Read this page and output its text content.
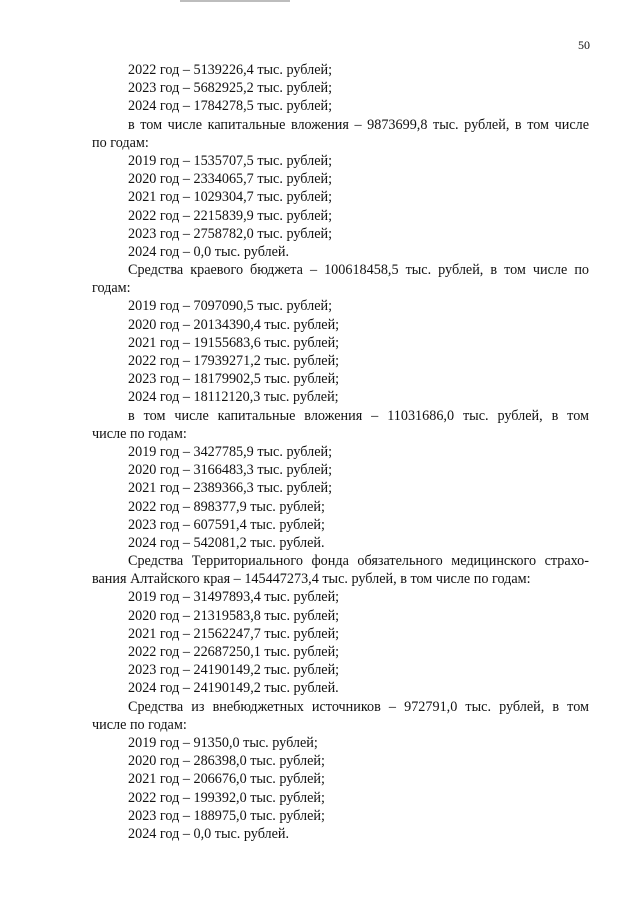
50
2022 год – 5139226,4 тыс. рублей;
2023 год – 5682925,2 тыс. рублей;
2024 год – 1784278,5 тыс. рублей;
в том числе капитальные вложения – 9873699,8 тыс. рублей, в том числе
по годам:
2019 год – 1535707,5 тыс. рублей;
2020 год – 2334065,7 тыс. рублей;
2021 год – 1029304,7 тыс. рублей;
2022 год – 2215839,9 тыс. рублей;
2023 год – 2758782,0 тыс. рублей;
2024 год – 0,0 тыс. рублей.
Средства краевого бюджета – 100618458,5 тыс. рублей, в том числе по
годам:
2019 год – 7097090,5 тыс. рублей;
2020 год – 20134390,4 тыс. рублей;
2021 год – 19155683,6 тыс. рублей;
2022 год – 17939271,2 тыс. рублей;
2023 год – 18179902,5 тыс. рублей;
2024 год – 18112120,3 тыс. рублей;
в том числе капитальные вложения – 11031686,0 тыс. рублей, в том
числе по годам:
2019 год – 3427785,9 тыс. рублей;
2020 год – 3166483,3 тыс. рублей;
2021 год – 2389366,3 тыс. рублей;
2022 год – 898377,9 тыс. рублей;
2023 год – 607591,4 тыс. рублей;
2024 год – 542081,2 тыс. рублей.
Средства Территориального фонда обязательного медицинского страхо-
вания Алтайского края – 145447273,4 тыс. рублей, в том числе по годам:
2019 год – 31497893,4 тыс. рублей;
2020 год – 21319583,8 тыс. рублей;
2021 год – 21562247,7 тыс. рублей;
2022 год – 22687250,1 тыс. рублей;
2023 год – 24190149,2 тыс. рублей;
2024 год – 24190149,2 тыс. рублей.
Средства из внебюджетных источников – 972791,0 тыс. рублей, в том
числе по годам:
2019 год – 91350,0 тыс. рублей;
2020 год – 286398,0 тыс. рублей;
2021 год – 206676,0 тыс. рублей;
2022 год – 199392,0 тыс. рублей;
2023 год – 188975,0 тыс. рублей;
2024 год – 0,0 тыс. рублей.
